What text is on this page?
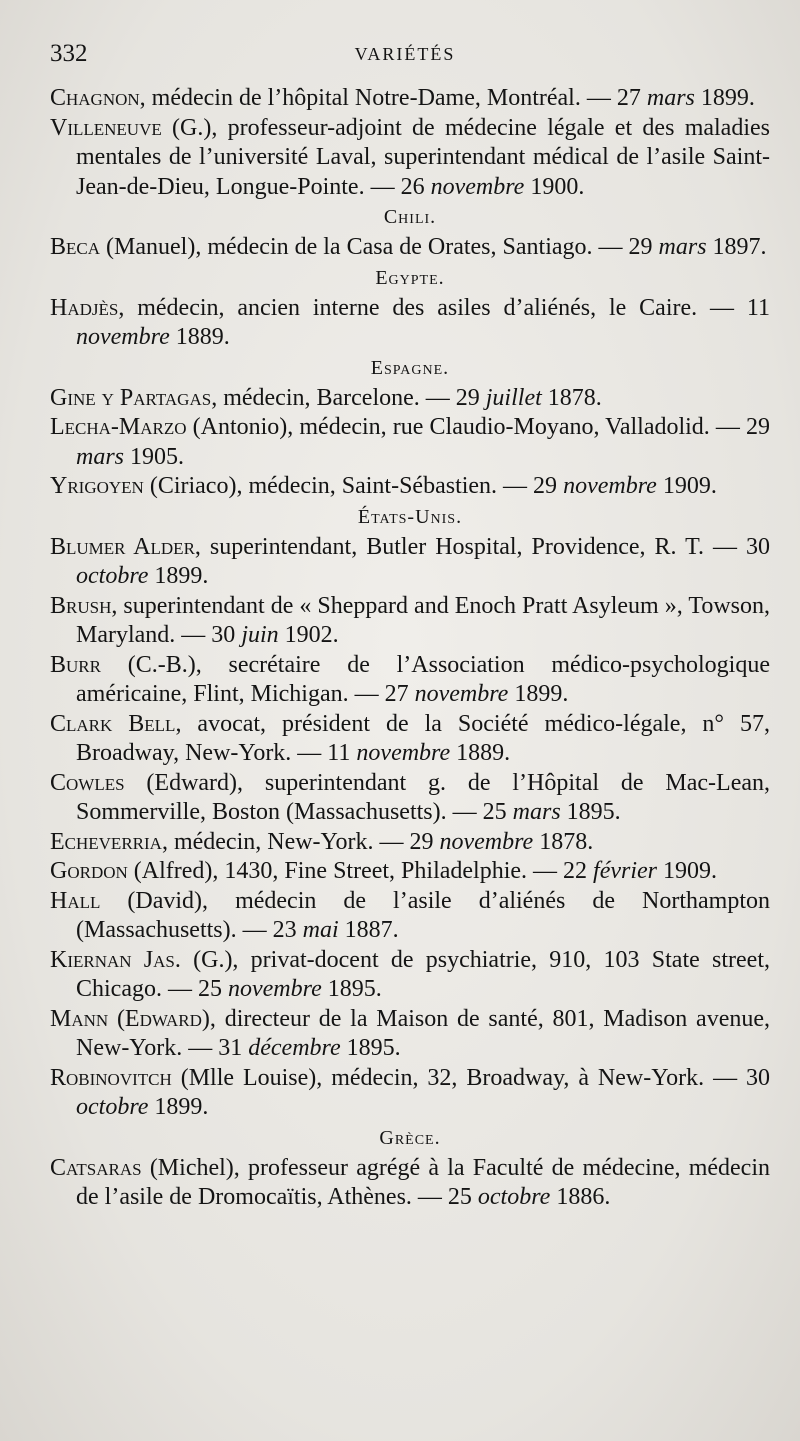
332	VARIÉTÉS
Chagnon, médecin de l’hôpital Notre-Dame, Montréal. — 27 mars 1899.
Villeneuve (G.), professeur-adjoint de médecine légale et des maladies mentales de l’université Laval, superintendant médical de l’asile Saint-Jean-de-Dieu, Longue-Pointe. — 26 novembre 1900.
Chili.
Beca (Manuel), médecin de la Casa de Orates, Santiago. — 29 mars 1897.
Egypte.
Hadjès, médecin, ancien interne des asiles d’aliénés, le Caire. — 11 novembre 1889.
Espagne.
Gine y Partagas, médecin, Barcelone. — 29 juillet 1878.
Lecha-Marzo (Antonio), médecin, rue Claudio-Moyano, Valladolid. — 29 mars 1905.
Yrigoyen (Ciriaco), médecin, Saint-Sébastien. — 29 novembre 1909.
États-Unis.
Blumer Alder, superintendant, Butler Hospital, Providence, R. T. — 30 octobre 1899.
Brush, superintendant de « Sheppard and Enoch Pratt Asyleum », Towson, Maryland. — 30 juin 1902.
Burr (C.-B.), secrétaire de l’Association médico-psychologique américaine, Flint, Michigan. — 27 novembre 1899.
Clark Bell, avocat, président de la Société médico-légale, n° 57, Broadway, New-York. — 11 novembre 1889.
Cowles (Edward), superintendant g. de l’Hôpital de Mac-Lean, Sommerville, Boston (Massachusetts). — 25 mars 1895.
Echeverria, médecin, New-York. — 29 novembre 1878.
Gordon (Alfred), 1430, Fine Street, Philadelphie. — 22 février 1909.
Hall (David), médecin de l’asile d’aliénés de Northampton (Massachusetts). — 23 mai 1887.
Kiernan Jas. (G.), privat-docent de psychiatrie, 910, 103 State street, Chicago. — 25 novembre 1895.
Mann (Edward), directeur de la Maison de santé, 801, Madison avenue, New-York. — 31 décembre 1895.
Robinovitch (Mlle Louise), médecin, 32, Broadway, à New-York. — 30 octobre 1899.
Grèce.
Catsaras (Michel), professeur agrégé à la Faculté de médecine, médecin de l’asile de Dromocaïtis, Athènes. — 25 octobre 1886.
